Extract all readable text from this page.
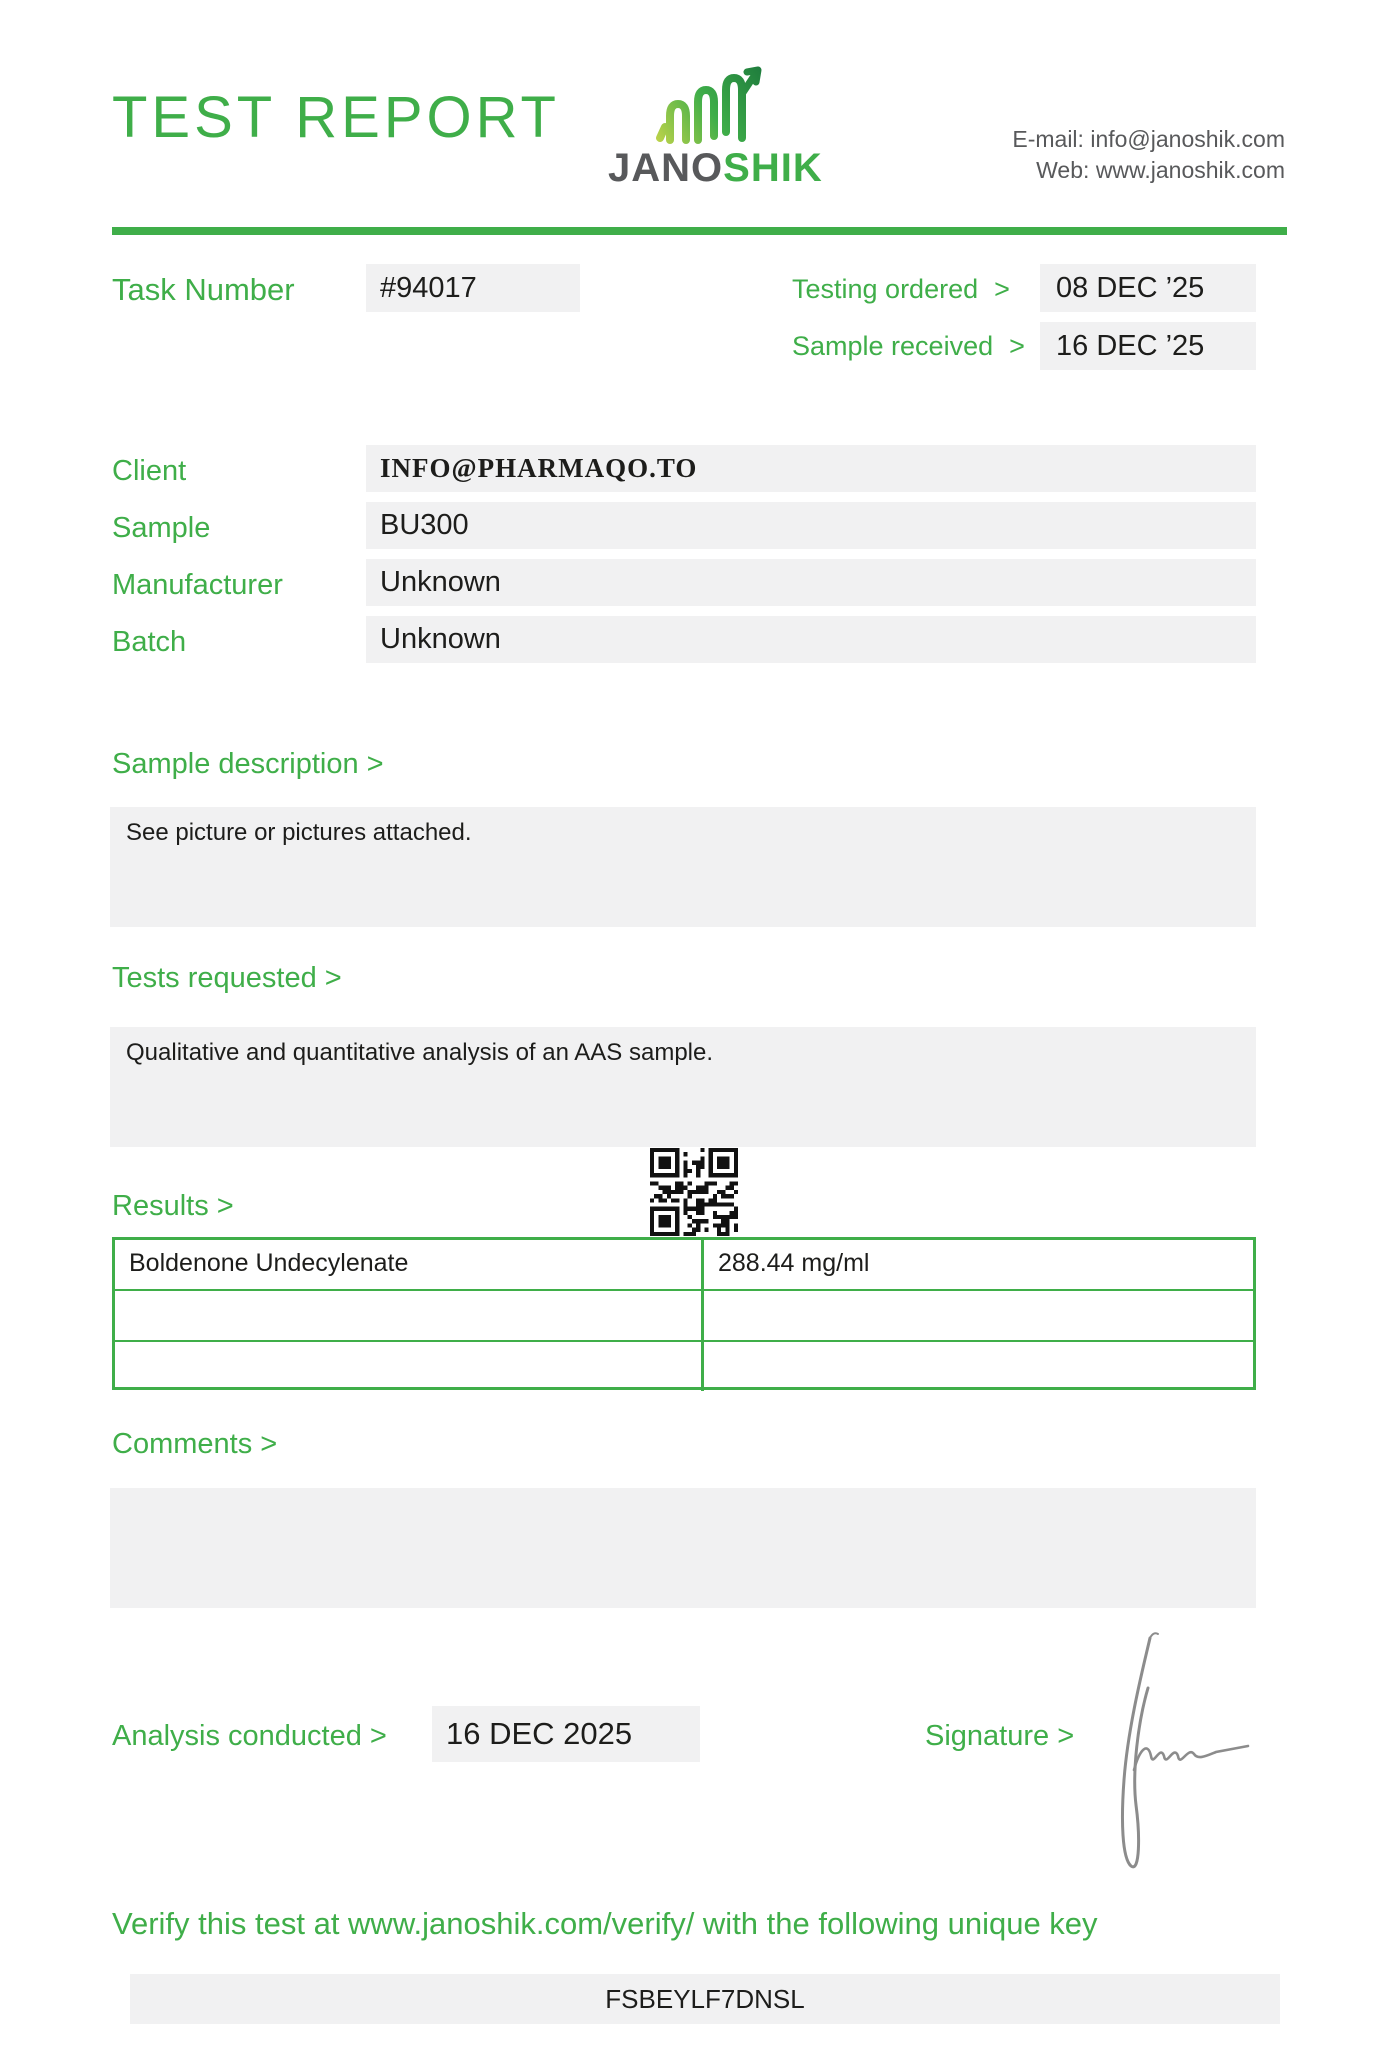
TEST REPORT
JANOSHIK
E-mail: info@janoshik.com
Web: www.janoshik.com
Task Number	#94017	Testing ordered >	08 DEC ’25
Sample received >	16 DEC ’25
Client	INFO@PHARMAQO.TO
Sample	BU300
Manufacturer	Unknown
Batch	Unknown
Sample description >
See picture or pictures attached.
Tests requested >
Qualitative and quantitative analysis of an AAS sample.
Results >
Boldenone Undecylenate	288.44 mg/ml
Comments >
Analysis conducted >	16 DEC 2025	Signature >
Verify this test at www.janoshik.com/verify/ with the following unique key
FSBEYLF7DNSL
